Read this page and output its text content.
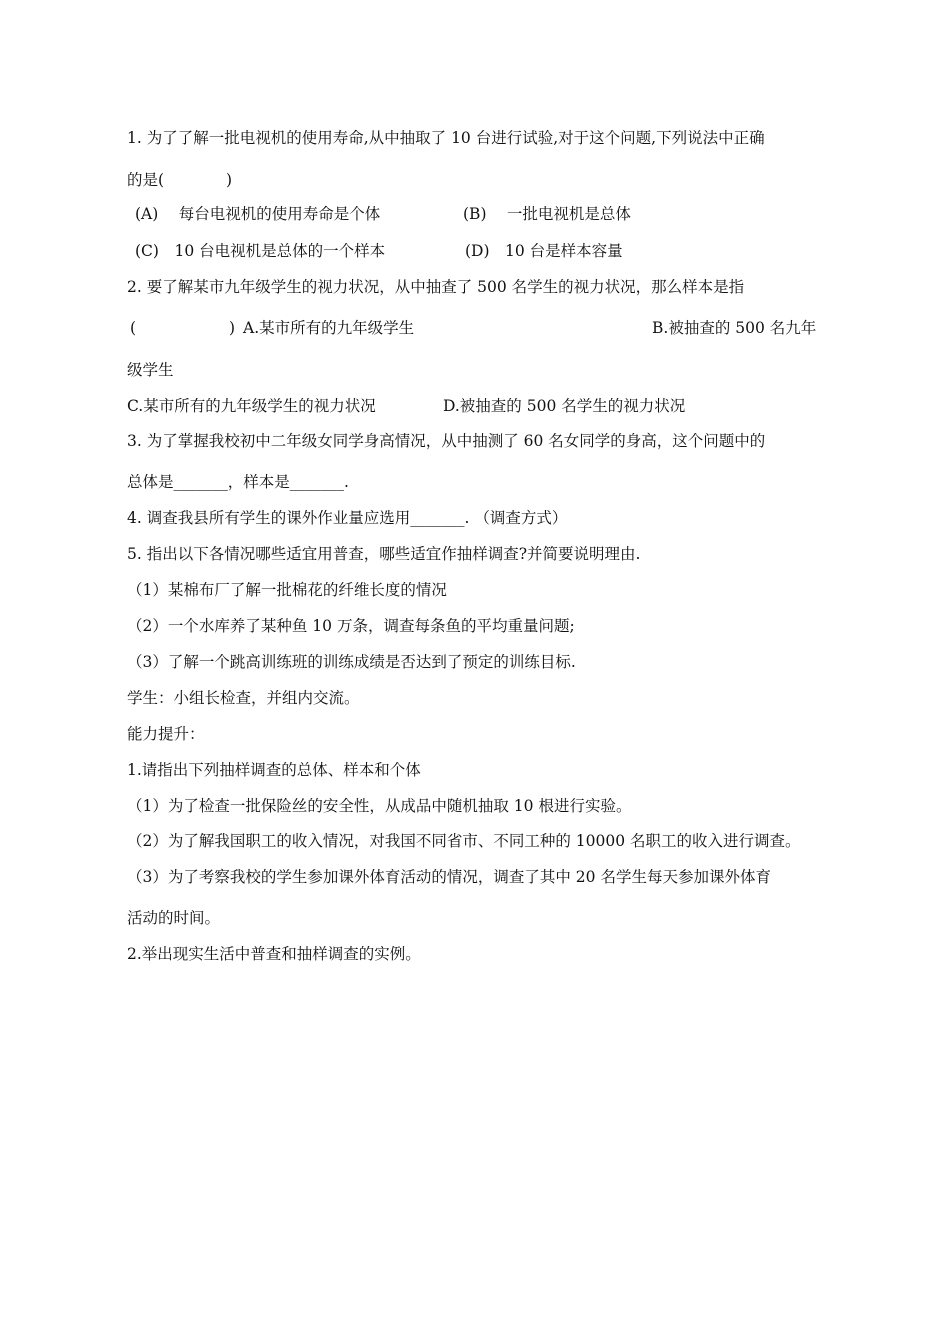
1. 为了了解一批电视机的使用寿命,从中抽取了 10 台进行试验,对于这个问题,下列说法中正确
的是(　　　　)
(A)　 每台电视机的使用寿命是个体	(B)　 一批电视机是总体
(C)　10 台电视机是总体的一个样本	(D)　10 台是样本容量
2. 要了解某市九年级学生的视力状况，从中抽查了 500 名学生的视力状况，那么样本是指
(　　　　　　) A.某市所有的九年级学生	B.被抽查的 500 名九年
级学生
C.某市所有的九年级学生的视力状况	D.被抽查的 500 名学生的视力状况
3. 为了掌握我校初中二年级女同学身高情况，从中抽测了 60 名女同学的身高，这个问题中的
总体是_______，样本是_______.
4. 调查我县所有学生的课外作业量应选用_______. （调查方式）
5. 指出以下各情况哪些适宜用普查，哪些适宜作抽样调查?并简要说明理由.
（1）某棉布厂了解一批棉花的纤维长度的情况
（2）一个水库养了某种鱼 10 万条，调查每条鱼的平均重量问题;
（3）了解一个跳高训练班的训练成绩是否达到了预定的训练目标.
学生：小组长检查，并组内交流。
能力提升：
1.请指出下列抽样调查的总体、样本和个体
（1）为了检查一批保险丝的安全性，从成品中随机抽取 10 根进行实验。
（2）为了解我国职工的收入情况，对我国不同省市、不同工种的 10000 名职工的收入进行调查。
（3）为了考察我校的学生参加课外体育活动的情况，调查了其中 20 名学生每天参加课外体育
活动的时间。
2.举出现实生活中普查和抽样调查的实例。
